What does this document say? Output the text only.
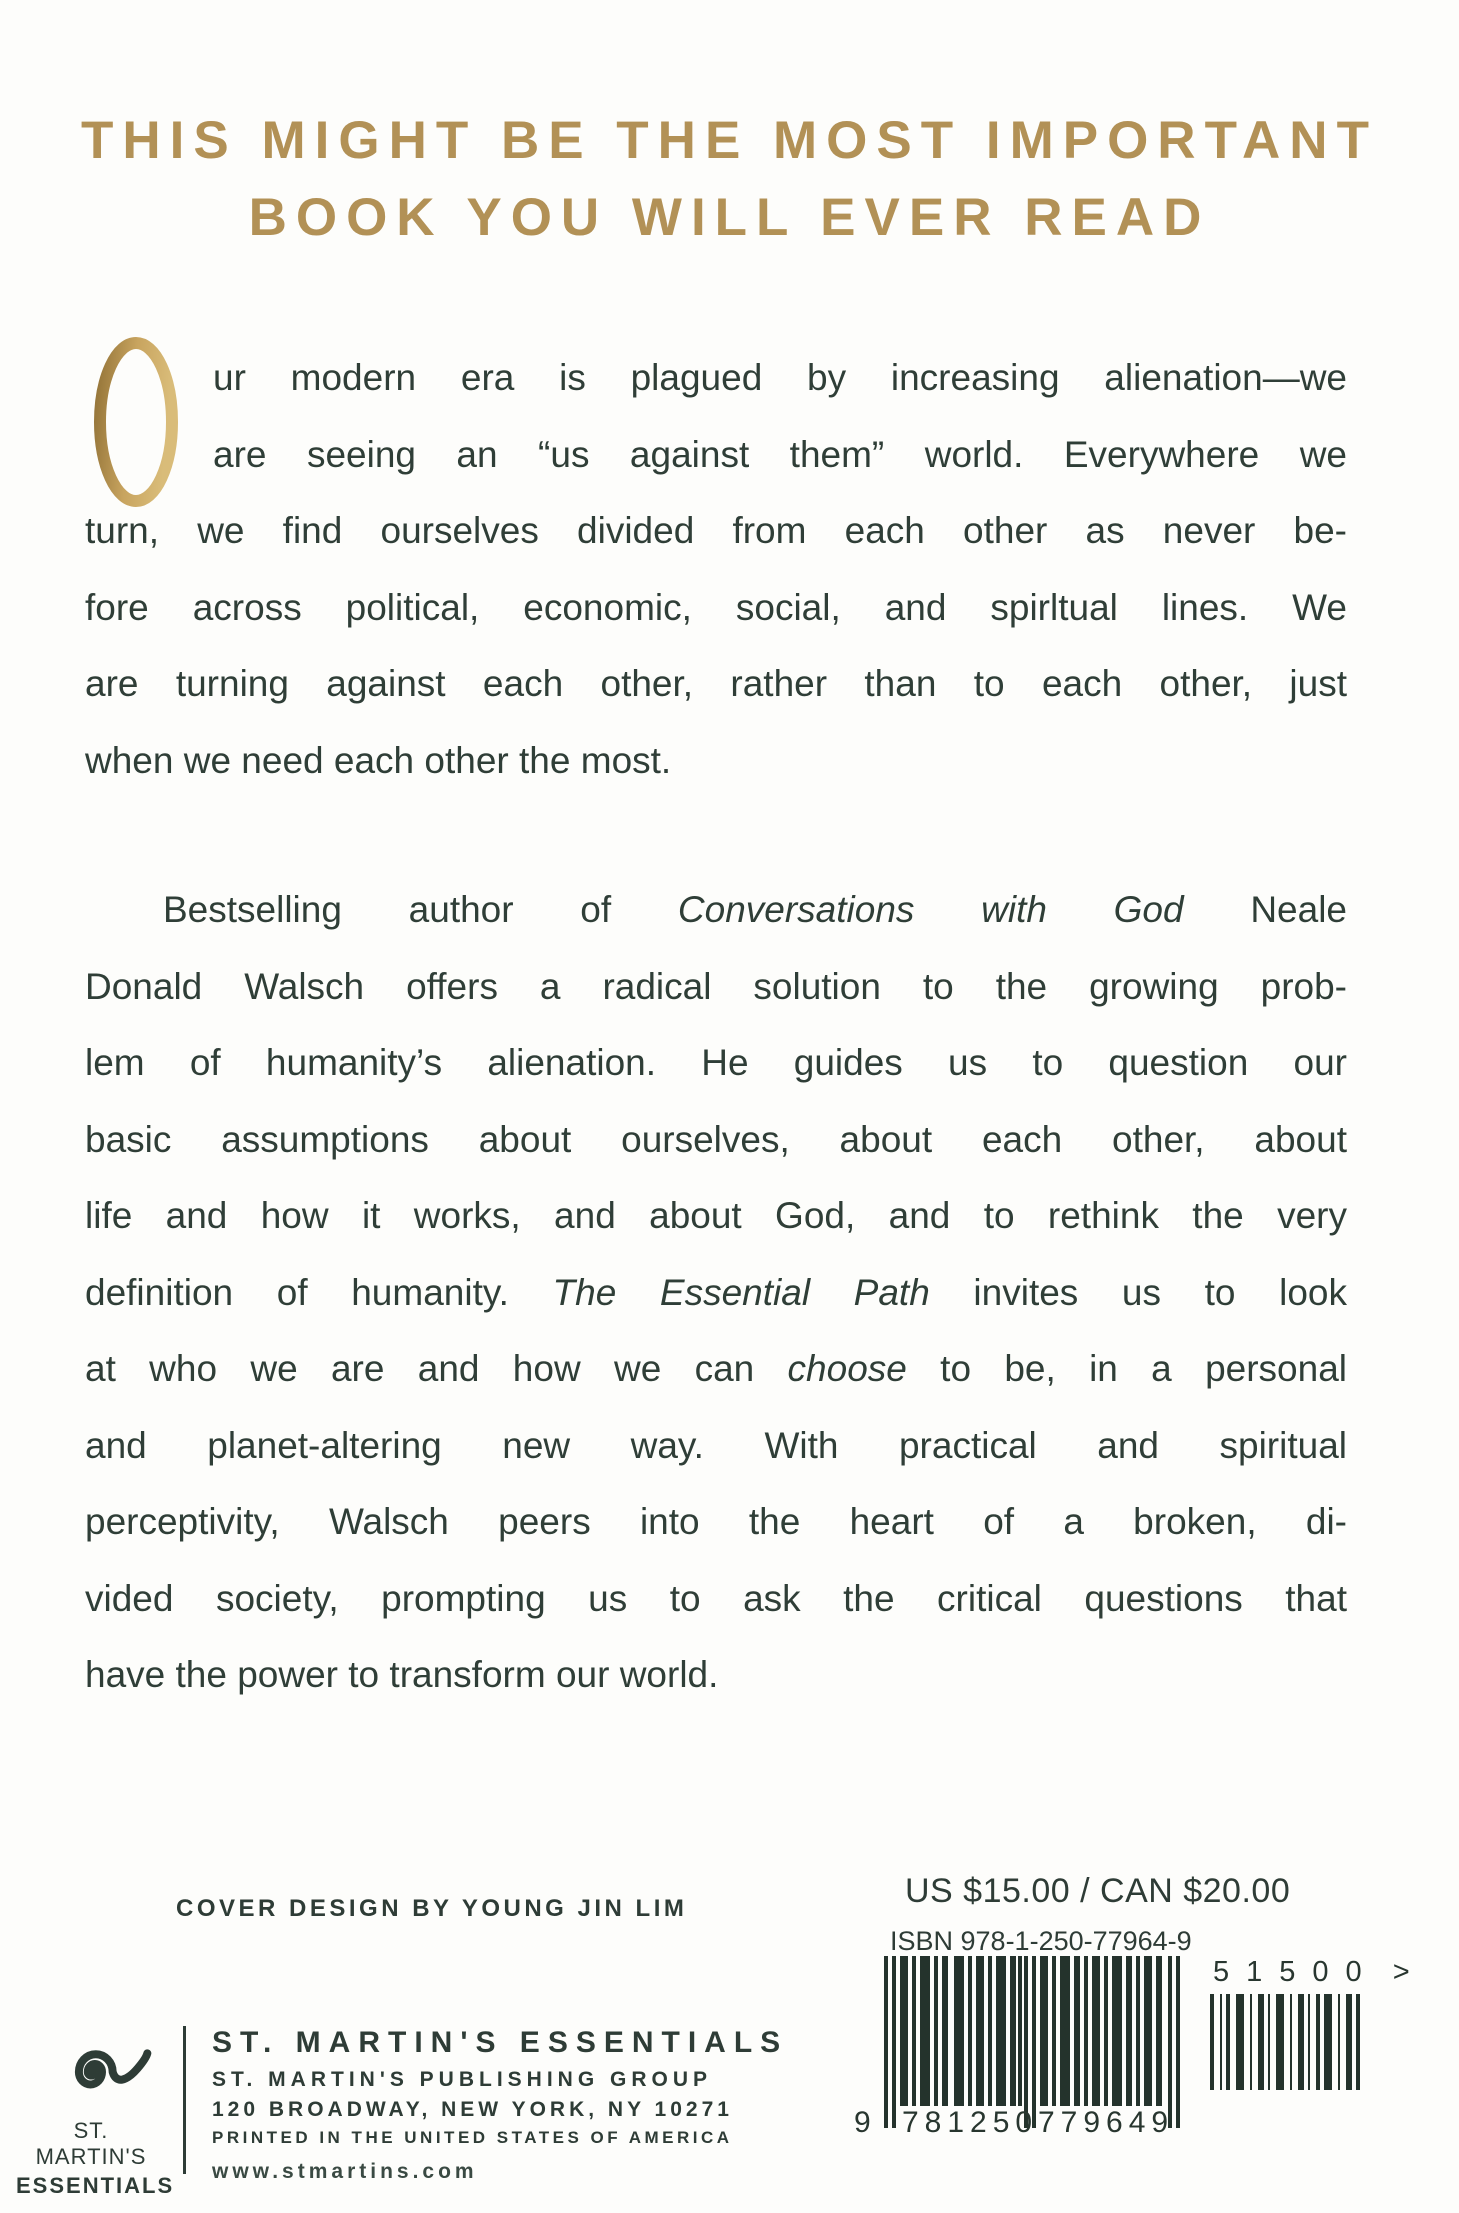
THIS MIGHT BE THE MOST IMPORTANT
BOOK YOU WILL EVER READ
ur modern era is plagued by increasing alienation—we
are seeing an “us against them” world. Everywhere we
turn, we find ourselves divided from each other as never be-
fore across political, economic, social, and spirltual lines. We
are turning against each other, rather than to each other, just
when we need each other the most.
Bestselling author of Conversations with God Neale
Donald Walsch offers a radical solution to the growing prob-
lem of humanity’s alienation. He guides us to question our
basic assumptions about ourselves, about each other, about
life and how it works, and about God, and to rethink the very
definition of humanity. The Essential Path invites us to look
at who we are and how we can choose to be, in a personal
and planet-altering new way. With practical and spiritual
perceptivity, Walsch peers into the heart of a broken, di-
vided society, prompting us to ask the critical questions that
have the power to transform our world.
COVER DESIGN BY YOUNG JIN LIM	US $15.00 / CAN $20.00
ISBN 978-1-250-77964-9
9 781250 779649
51500 >
ST. MARTIN'S
ESSENTIALS
ST. MARTIN'S ESSENTIALS
ST. MARTIN'S PUBLISHING GROUP
120 BROADWAY, NEW YORK, NY 10271
PRINTED IN THE UNITED STATES OF AMERICA
www.stmartins.com
